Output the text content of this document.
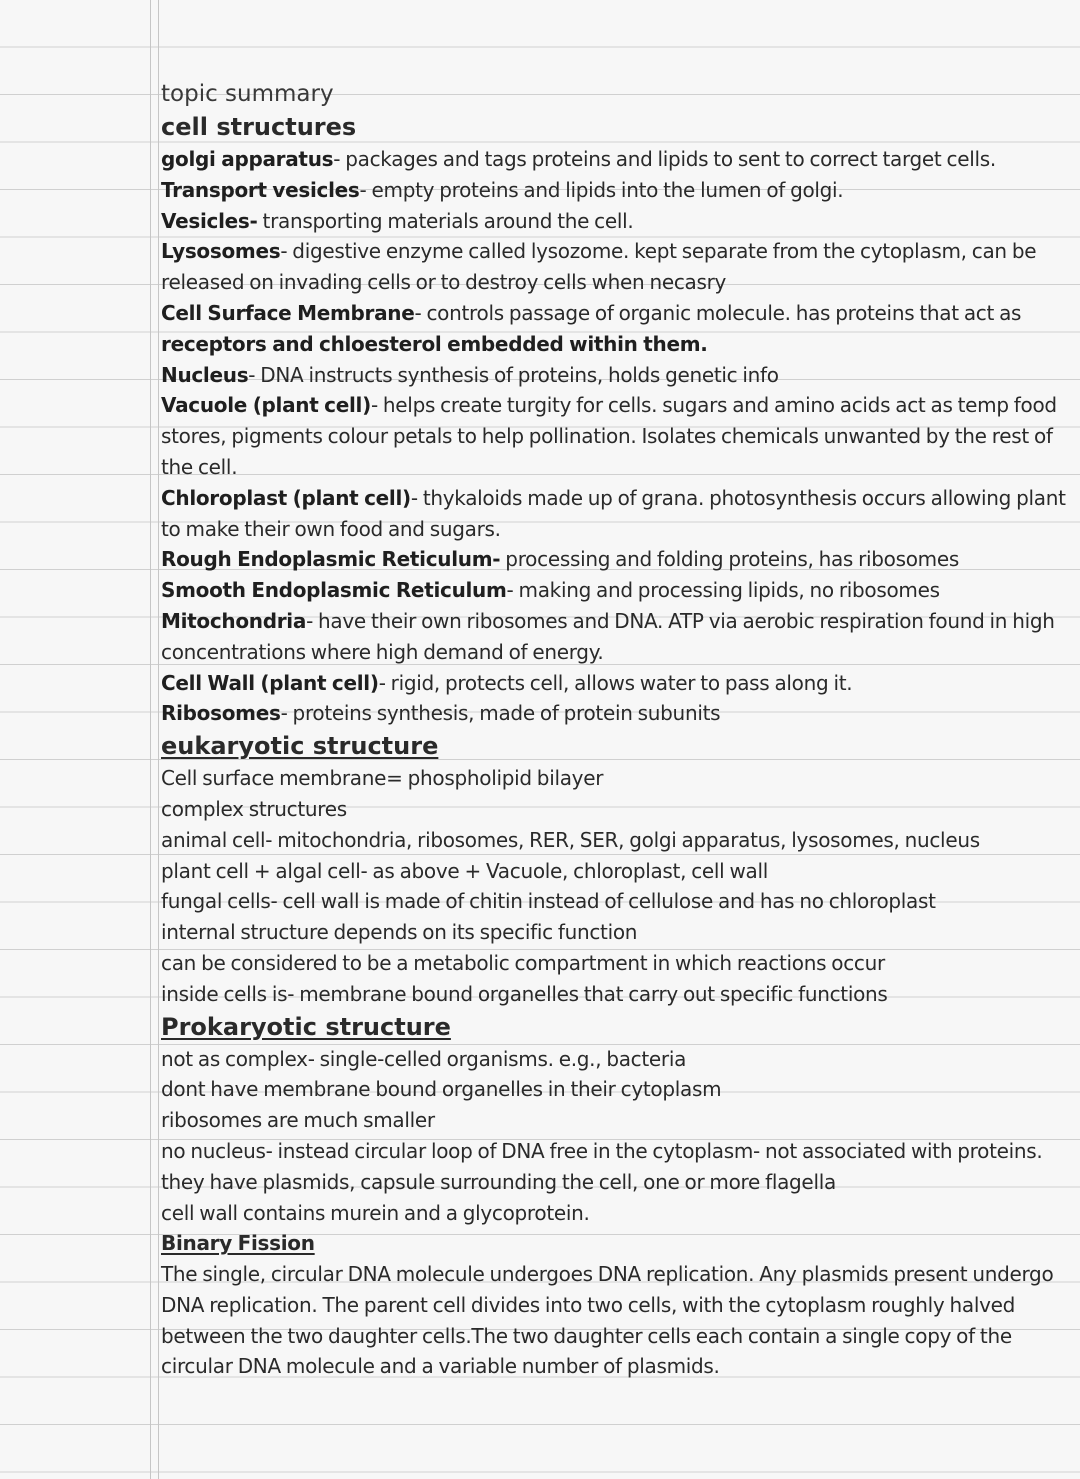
topic summary
cell structures
golgi apparatus- packages and tags proteins and lipids to sent to correct target cells.
Transport vesicles- empty proteins and lipids into the lumen of golgi.
Vesicles- transporting materials around the cell.
Lysosomes- digestive enzyme called lysozome. kept separate from the cytoplasm, can be released on invading cells or to destroy cells when necasry
Cell Surface Membrane- controls passage of organic molecule. has proteins that act as receptors and chloesterol embedded within them.
Nucleus- DNA instructs synthesis of proteins, holds genetic info
Vacuole (plant cell)- helps create turgity for cells. sugars and amino acids act as temp food stores, pigments colour petals to help pollination. Isolates chemicals unwanted by the rest of the cell.
Chloroplast (plant cell)- thykaloids made up of grana. photosynthesis occurs allowing plant to make their own food and sugars.
Rough Endoplasmic Reticulum- processing and folding proteins, has ribosomes
Smooth Endoplasmic Reticulum- making and processing lipids, no ribosomes
Mitochondria- have their own ribosomes and DNA. ATP via aerobic respiration found in high concentrations where high demand of energy.
Cell Wall (plant cell)- rigid, protects cell, allows water to pass along it.
Ribosomes- proteins synthesis, made of protein subunits
eukaryotic structure
Cell surface membrane= phospholipid bilayer
complex structures
animal cell- mitochondria, ribosomes, RER, SER, golgi apparatus, lysosomes, nucleus
plant cell + algal cell- as above + Vacuole, chloroplast, cell wall
fungal cells- cell wall is made of chitin instead of cellulose and has no chloroplast
internal structure depends on its specific function
can be considered to be a metabolic compartment in which reactions occur
inside cells is- membrane bound organelles that carry out specific functions
Prokaryotic structure
not as complex- single-celled organisms. e.g., bacteria
dont have membrane bound organelles in their cytoplasm
ribosomes are much smaller
no nucleus- instead circular loop of DNA free in the cytoplasm- not associated with proteins.
they have plasmids, capsule surrounding the cell, one or more flagella
cell wall contains murein and a glycoprotein.
Binary Fission
The single, circular DNA molecule undergoes DNA replication. Any plasmids present undergo DNA replication. The parent cell divides into two cells, with the cytoplasm roughly halved between the two daughter cells.The two daughter cells each contain a single copy of the circular DNA molecule and a variable number of plasmids.
